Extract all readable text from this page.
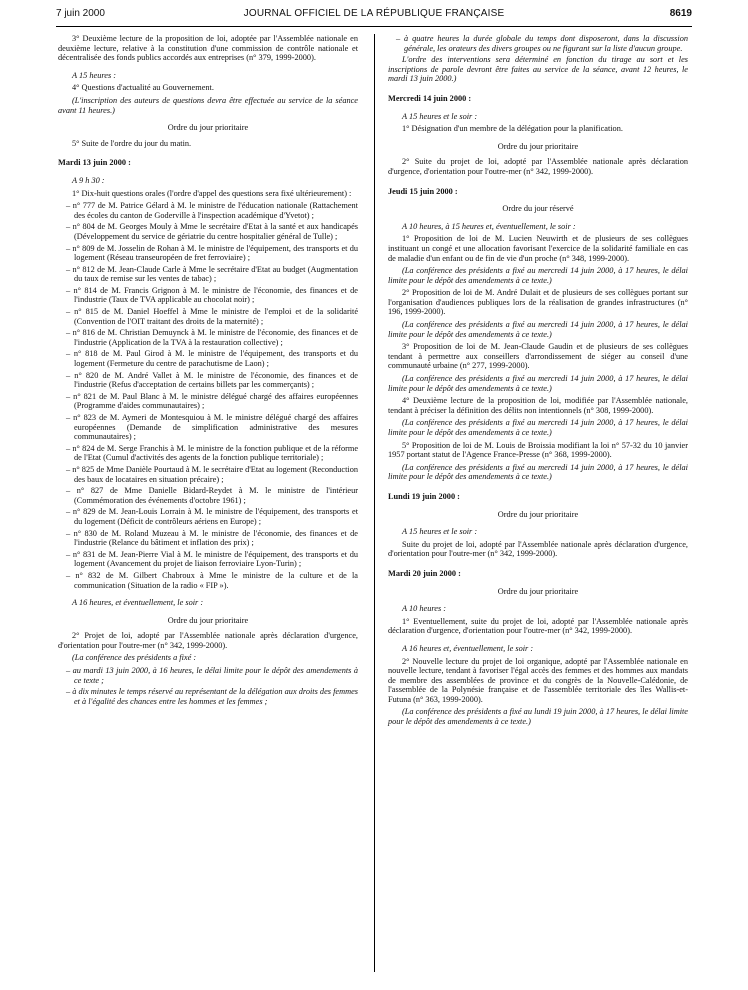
7 juin 2000	JOURNAL OFFICIEL DE LA RÉPUBLIQUE FRANÇAISE	8619

3° Deuxième lecture de la proposition de loi, adoptée par l'Assemblée nationale en deuxième lecture, relative à la constitution d'une commission de contrôle nationale et décentralisée des fonds publics accordés aux entreprises (n° 379, 1999-2000).

A 15 heures :

4° Questions d'actualité au Gouvernement.

(L'inscription des auteurs de questions devra être effectuée au service de la séance avant 11 heures.)

Ordre du jour prioritaire

5° Suite de l'ordre du jour du matin.

Mardi 13 juin 2000 :

A 9 h 30 :

1° Dix-huit questions orales (l'ordre d'appel des questions sera fixé ultérieurement) :

– n° 777 de M. Patrice Gélard à M. le ministre de l'éducation nationale (Rattachement des écoles du canton de Goderville à l'inspection académique d'Yvetot) ;

– n° 804 de M. Georges Mouly à Mme le secrétaire d'Etat à la santé et aux handicapés (Développement du service de gériatrie du centre hospitalier général de Tulle) ;

– n° 809 de M. Josselin de Rohan à M. le ministre de l'équipement, des transports et du logement (Réseau transeuropéen de fret ferroviaire) ;

– n° 812 de M. Jean-Claude Carle à Mme le secrétaire d'Etat au budget (Augmentation du taux de remise sur les ventes de tabac) ;

– n° 814 de M. Francis Grignon à M. le ministre de l'économie, des finances et de l'industrie (Taux de TVA applicable au chocolat noir) ;

– n° 815 de M. Daniel Hoeffel à Mme le ministre de l'emploi et de la solidarité (Convention de l'OIT traitant des droits de la maternité) ;

– n° 816 de M. Christian Demuynck à M. le ministre de l'économie, des finances et de l'industrie (Application de la TVA à la restauration collective) ;

– n° 818 de M. Paul Girod à M. le ministre de l'équipement, des transports et du logement (Fermeture du centre de parachutisme de Laon) ;

– n° 820 de M. André Vallet à M. le ministre de l'économie, des finances et de l'industrie (Refus d'acceptation de certains billets par les commerçants) ;

– n° 821 de M. Paul Blanc à M. le ministre délégué chargé des affaires européennes (Programme d'aides communautaires) ;

– n° 823 de M. Aymeri de Montesquiou à M. le ministre délégué chargé des affaires européennes (Demande de simplification administrative des mesures communautaires) ;

– n° 824 de M. Serge Franchis à M. le ministre de la fonction publique et de la réforme de l'Etat (Cumul d'activités des agents de la fonction publique territoriale) ;

– n° 825 de Mme Danièle Pourtaud à M. le secrétaire d'Etat au logement (Reconduction des baux de locataires en situation précaire) ;

– n° 827 de Mme Danielle Bidard-Reydet à M. le ministre de l'intérieur (Commémoration des événements d'octobre 1961) ;

– n° 829 de M. Jean-Louis Lorrain à M. le ministre de l'équipement, des transports et du logement (Déficit de contrôleurs aériens en Europe) ;

– n° 830 de M. Roland Muzeau à M. le ministre de l'économie, des finances et de l'industrie (Relance du bâtiment et inflation des prix) ;

– n° 831 de M. Jean-Pierre Vial à M. le ministre de l'équipement, des transports et du logement (Avancement du projet de liaison ferroviaire Lyon-Turin) ;

– n° 832 de M. Gilbert Chabroux à Mme le ministre de la culture et de la communication (Situation de la radio « FIP »).

A 16 heures, et éventuellement, le soir :

Ordre du jour prioritaire

2° Projet de loi, adopté par l'Assemblée nationale après déclaration d'urgence, d'orientation pour l'outre-mer (n° 342, 1999-2000).

(La conférence des présidents a fixé :

– au mardi 13 juin 2000, à 16 heures, le délai limite pour le dépôt des amendements à ce texte ;

– à dix minutes le temps réservé au représentant de la délégation aux droits des femmes et à l'égalité des chances entre les hommes et les femmes ;

– à quatre heures la durée globale du temps dont disposeront, dans la discussion générale, les orateurs des divers groupes ou ne figurant sur la liste d'aucun groupe.

L'ordre des interventions sera déterminé en fonction du tirage au sort et les inscriptions de parole devront être faites au service de la séance, avant 12 heures, le mardi 13 juin 2000.)

Mercredi 14 juin 2000 :

A 15 heures et le soir :

1° Désignation d'un membre de la délégation pour la planification.

Ordre du jour prioritaire

2° Suite du projet de loi, adopté par l'Assemblée nationale après déclaration d'urgence, d'orientation pour l'outre-mer (n° 342, 1999-2000).

Jeudi 15 juin 2000 :

Ordre du jour réservé

A 10 heures, à 15 heures et, éventuellement, le soir :

1° Proposition de loi de M. Lucien Neuwirth et de plusieurs de ses collègues instituant un congé et une allocation favorisant l'exercice de la solidarité familiale en cas de maladie d'un enfant ou de fin de vie d'un proche (n° 348, 1999-2000).

(La conférence des présidents a fixé au mercredi 14 juin 2000, à 17 heures, le délai limite pour le dépôt des amendements à ce texte.)

2° Proposition de loi de M. André Dulait et de plusieurs de ses collègues portant sur l'organisation d'audiences publiques lors de la réalisation de grandes infrastructures (n° 196, 1999-2000).

(La conférence des présidents a fixé au mercredi 14 juin 2000, à 17 heures, le délai limite pour le dépôt des amendements à ce texte.)

3° Proposition de loi de M. Jean-Claude Gaudin et de plusieurs de ses collègues tendant à permettre aux conseillers d'arrondissement de siéger au conseil d'une communauté urbaine (n° 277, 1999-2000).

(La conférence des présidents a fixé au mercredi 14 juin 2000, à 17 heures, le délai limite pour le dépôt des amendements à ce texte.)

4° Deuxième lecture de la proposition de loi, modifiée par l'Assemblée nationale, tendant à préciser la définition des délits non intentionnels (n° 308, 1999-2000).

(La conférence des présidents a fixé au mercredi 14 juin 2000, à 17 heures, le délai limite pour le dépôt des amendements à ce texte.)

5° Proposition de loi de M. Louis de Broissia modifiant la loi n° 57-32 du 10 janvier 1957 portant statut de l'Agence France-Presse (n° 368, 1999-2000).

(La conférence des présidents a fixé au mercredi 14 juin 2000, à 17 heures, le délai limite pour le dépôt des amendements à ce texte.)

Lundi 19 juin 2000 :

Ordre du jour prioritaire

A 15 heures et le soir :

Suite du projet de loi, adopté par l'Assemblée nationale après déclaration d'urgence, d'orientation pour l'outre-mer (n° 342, 1999-2000).

Mardi 20 juin 2000 :

Ordre du jour prioritaire

A 10 heures :

1° Eventuellement, suite du projet de loi, adopté par l'Assemblée nationale après déclaration d'urgence, d'orientation pour l'outre-mer (n° 342, 1999-2000).

A 16 heures et, éventuellement, le soir :

2° Nouvelle lecture du projet de loi organique, adopté par l'Assemblée nationale en nouvelle lecture, tendant à favoriser l'égal accès des femmes et des hommes aux mandats de membre des assemblées de province et du congrès de la Nouvelle-Calédonie, de l'assemblée de la Polynésie française et de l'assemblée territoriale des îles Wallis-et-Futuna (n° 363, 1999-2000).

(La conférence des présidents a fixé au lundi 19 juin 2000, à 17 heures, le délai limite pour le dépôt des amendements à ce texte.)
